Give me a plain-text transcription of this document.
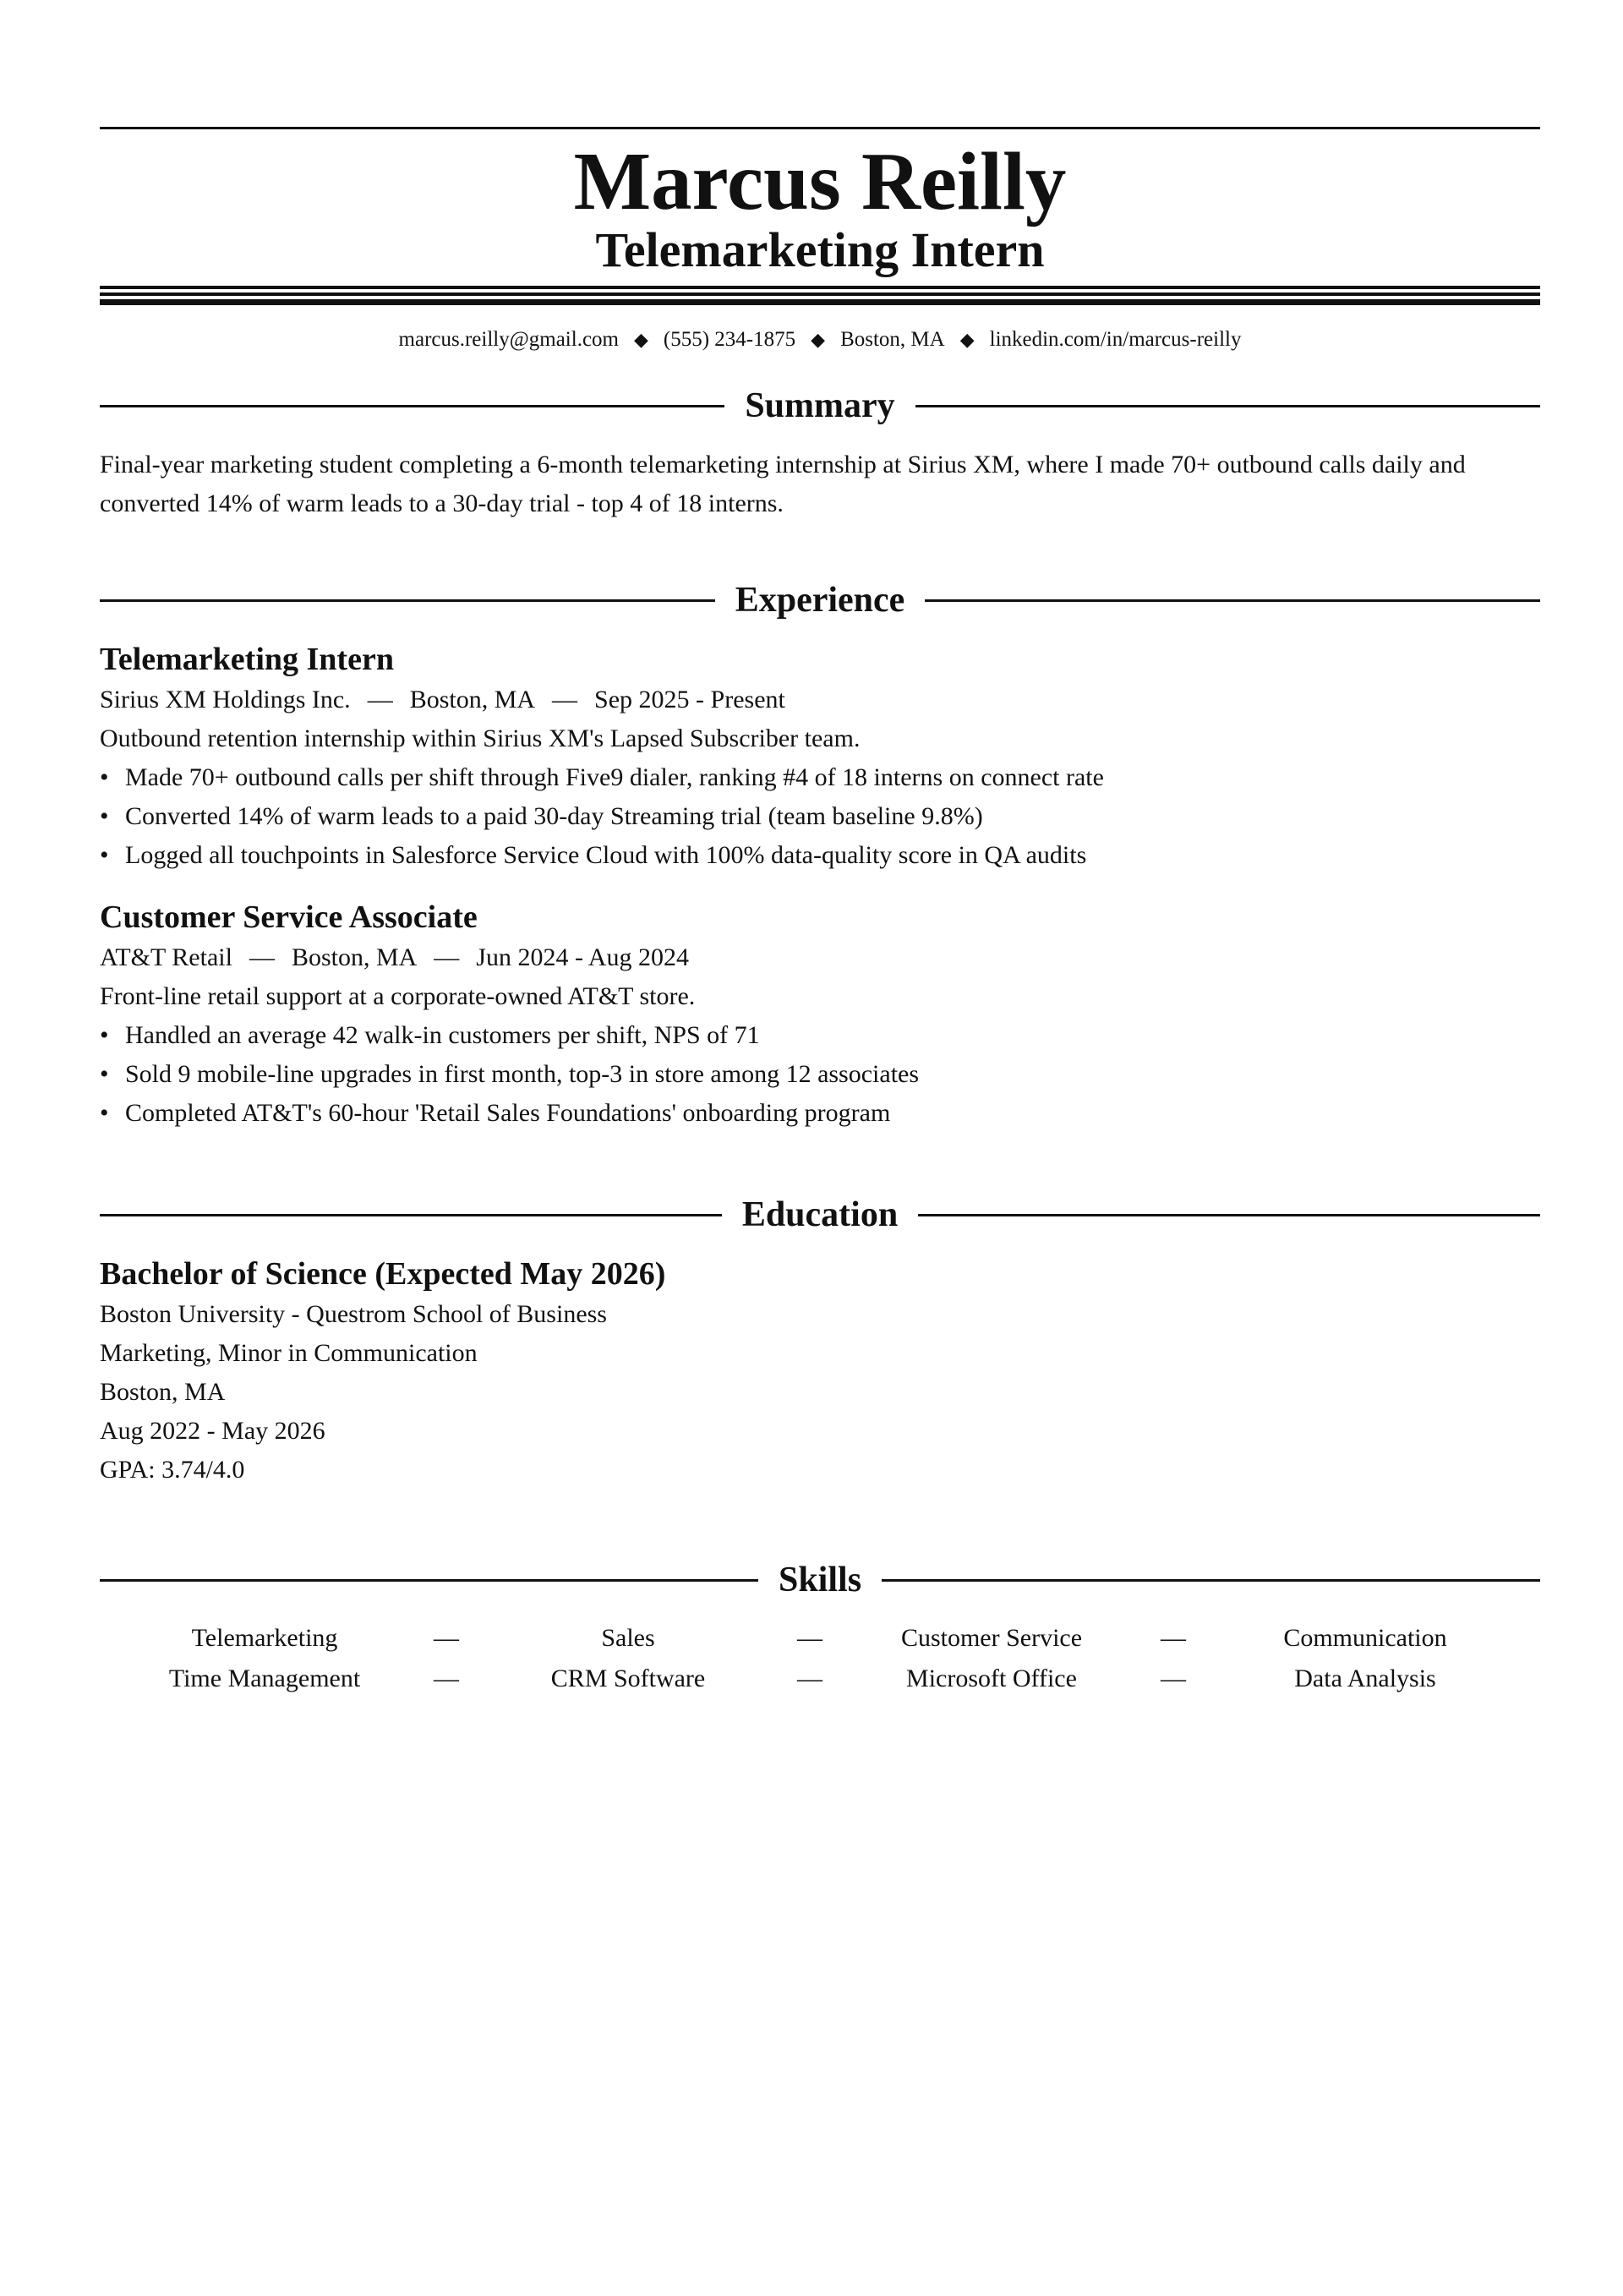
Marcus Reilly
Telemarketing Intern
marcus.reilly@gmail.com ◆ (555) 234-1875 ◆ Boston, MA ◆ linkedin.com/in/marcus-reilly
Summary
Final-year marketing student completing a 6-month telemarketing internship at Sirius XM, where I made 70+ outbound calls daily and converted 14% of warm leads to a 30-day trial - top 4 of 18 interns.
Experience
Telemarketing Intern
Sirius XM Holdings Inc. — Boston, MA — Sep 2025 - Present
Outbound retention internship within Sirius XM's Lapsed Subscriber team.
• Made 70+ outbound calls per shift through Five9 dialer, ranking #4 of 18 interns on connect rate
• Converted 14% of warm leads to a paid 30-day Streaming trial (team baseline 9.8%)
• Logged all touchpoints in Salesforce Service Cloud with 100% data-quality score in QA audits
Customer Service Associate
AT&T Retail — Boston, MA — Jun 2024 - Aug 2024
Front-line retail support at a corporate-owned AT&T store.
• Handled an average 42 walk-in customers per shift, NPS of 71
• Sold 9 mobile-line upgrades in first month, top-3 in store among 12 associates
• Completed AT&T's 60-hour 'Retail Sales Foundations' onboarding program
Education
Bachelor of Science (Expected May 2026)
Boston University - Questrom School of Business
Marketing, Minor in Communication
Boston, MA
Aug 2022 - May 2026
GPA: 3.74/4.0
Skills
Telemarketing	—	Sales	—	Customer Service	—	Communication
Time Management	—	CRM Software	—	Microsoft Office	—	Data Analysis
